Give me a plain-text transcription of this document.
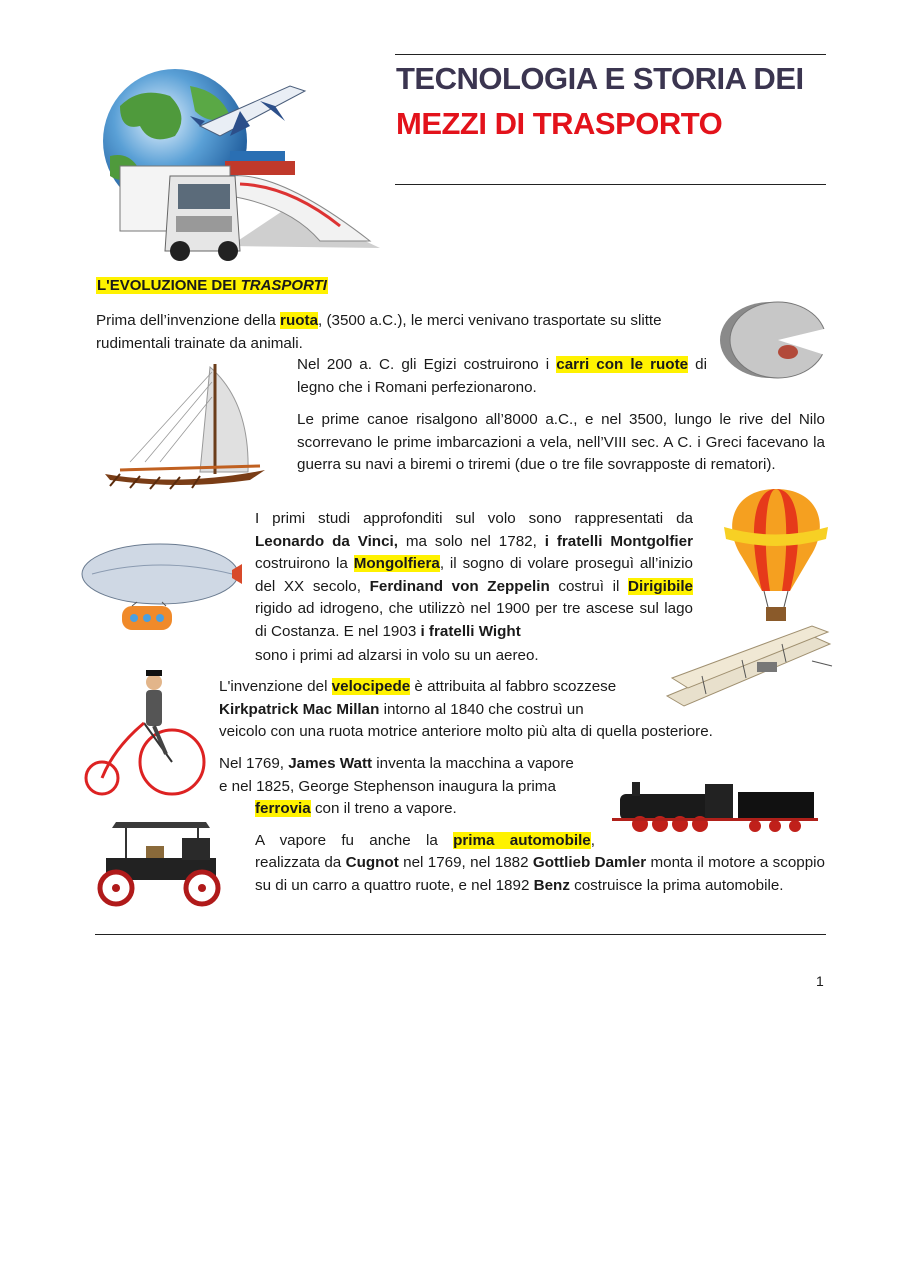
TECNOLOGIA E STORIA DEI
MEZZI DI TRASPORTO
L'EVOLUZIONE DEI TRASPORTI
Prima dell’invenzione della ruota, (3500 a.C.), le merci venivano trasportate su slitte rudimentali trainate da animali.
Nel 200 a. C. gli Egizi costruirono i carri con le ruote di legno che i Romani perfezionarono.
Le prime canoe risalgono all’8000 a.C., e nel 3500, lungo le rive del Nilo scorrevano le prime imbarcazioni a vela, nell’VIII sec. A C. i Greci facevano la guerra su navi a biremi o triremi (due o tre file sovrapposte di rematori).
I primi studi approfonditi sul volo sono rappresentati da Leonardo da Vinci, ma solo nel 1782, i fratelli Montgolfier costruirono la Mongolfiera, il sogno di volare proseguì all’inizio del XX secolo, Ferdinand von Zeppelin costruì il Dirigibile rigido ad idrogeno, che utilizzò nel 1900 per tre ascese sul lago di Costanza. E nel 1903 i fratelli Wight
sono i primi ad alzarsi in volo su un aereo.
L'invenzione del velocipede è attribuita al fabbro scozzese
Kirkpatrick Mac Millan intorno al 1840 che costruì un
veicolo con una ruota motrice anteriore molto più alta di quella posteriore.
Nel 1769, James Watt inventa la macchina a vapore
e nel 1825, George Stephenson inaugura la prima
ferrovia con il treno a vapore.
A vapore fu anche la prima automobile,
realizzata da Cugnot nel 1769, nel 1882 Gottlieb Damler monta il motore a scoppio su di un carro a quattro ruote, e nel 1892 Benz costruisce la prima automobile.
1
